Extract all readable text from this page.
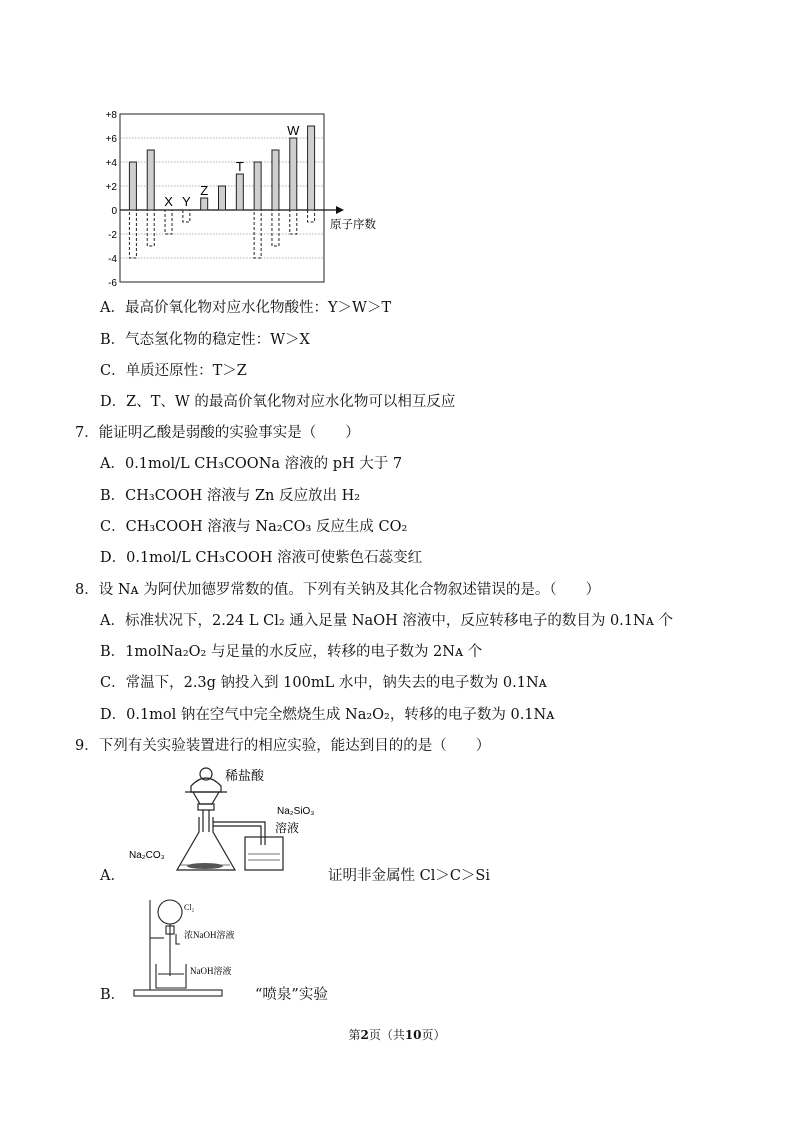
+8
+6
+4
+2
0
-2
-4
-6
原子序数
X Y
Z
T
W
A．最高价氧化物对应水化物酸性：Y＞W＞T
B．气态氢化物的稳定性：W＞X
C．单质还原性：T＞Z
D．Z、T、W 的最高价氧化物对应水化物可以相互反应
7．能证明乙酸是弱酸的实验事实是（　　）
A．0.1mol/L CH₃COONa 溶液的 pH 大于 7
B．CH₃COOH 溶液与 Zn 反应放出 H₂
C．CH₃COOH 溶液与 Na₂CO₃ 反应生成 CO₂
D．0.1mol/L CH₃COOH 溶液可使紫色石蕊变红
8．设 Nᴀ 为阿伏加德罗常数的值。下列有关钠及其化合物叙述错误的是。（　　）
A．标准状况下，2.24 L Cl₂ 通入足量 NaOH 溶液中，反应转移电子的数目为 0.1Nᴀ 个
B．1molNa₂O₂ 与足量的水反应，转移的电子数为 2Nᴀ 个
C．常温下，2.3g 钠投入到 100mL 水中，钠失去的电子数为 0.1Nᴀ
D．0.1mol 钠在空气中完全燃烧生成 Na₂O₂，转移的电子数为 0.1Nᴀ
9．下列有关实验装置进行的相应实验，能达到目的的是（　　）
稀盐酸
Na₂SiO₃
溶液
Na₂CO₃
A．	证明非金属性 Cl＞C＞Si
Cl₂
浓NaOH溶液
NaOH溶液
B．	“喷泉”实验
第2页（共10页）
